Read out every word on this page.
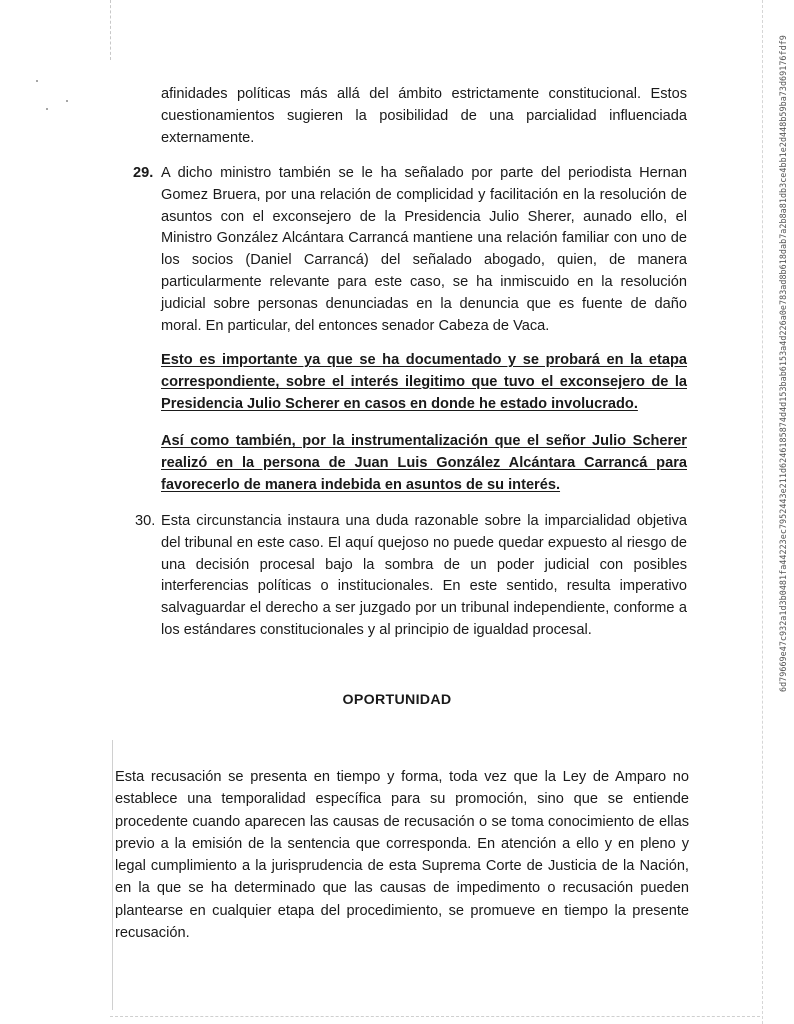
6d79669e47c932a1d3b0481fa44223ec7952443e211d6246185874d4d153bab6153a4d226a0e783ad8b618dab7a2b8a81db3ce4bb1e2d448b59ba73d69176fdf9

afinidades políticas más allá del ámbito estrictamente constitucional. Estos cuestionamientos sugieren la posibilidad de una parcialidad influenciada externamente.

29. A dicho ministro también se le ha señalado por parte del periodista Hernan Gomez Bruera, por una relación de complicidad y facilitación en la resolución de asuntos con el exconsejero de la Presidencia Julio Sherer, aunado ello, el Ministro González Alcántara Carrancá mantiene una relación familiar con uno de los socios (Daniel Carrancá) del señalado abogado, quien, de manera particularmente relevante para este caso, se ha inmiscuido en la resolución judicial sobre personas denunciadas en la denuncia que es fuente de daño moral. En particular, del entonces senador Cabeza de Vaca.

Esto es importante ya que se ha documentado y se probará en la etapa correspondiente, sobre el interés ilegitimo que tuvo el exconsejero de la Presidencia Julio Scherer en casos en donde he estado involucrado.

Así como también, por la instrumentalización que el señor Julio Scherer realizó en la persona de Juan Luis González Alcántara Carrancá para favorecerlo de manera indebida en asuntos de su interés.

30. Esta circunstancia instaura una duda razonable sobre la imparcialidad objetiva del tribunal en este caso. El aquí quejoso no puede quedar expuesto al riesgo de una decisión procesal bajo la sombra de un poder judicial con posibles interferencias políticas o institucionales. En este sentido, resulta imperativo salvaguardar el derecho a ser juzgado por un tribunal independiente, conforme a los estándares constitucionales y al principio de igualdad procesal.

OPORTUNIDAD

Esta recusación se presenta en tiempo y forma, toda vez que la Ley de Amparo no establece una temporalidad específica para su promoción, sino que se entiende procedente cuando aparecen las causas de recusación o se toma conocimiento de ellas previo a la emisión de la sentencia que corresponda. En atención a ello y en pleno y legal cumplimiento a la jurisprudencia de esta Suprema Corte de Justicia de la Nación, en la que se ha determinado que las causas de impedimento o recusación pueden plantearse en cualquier etapa del procedimiento, se promueve en tiempo la presente recusación.
